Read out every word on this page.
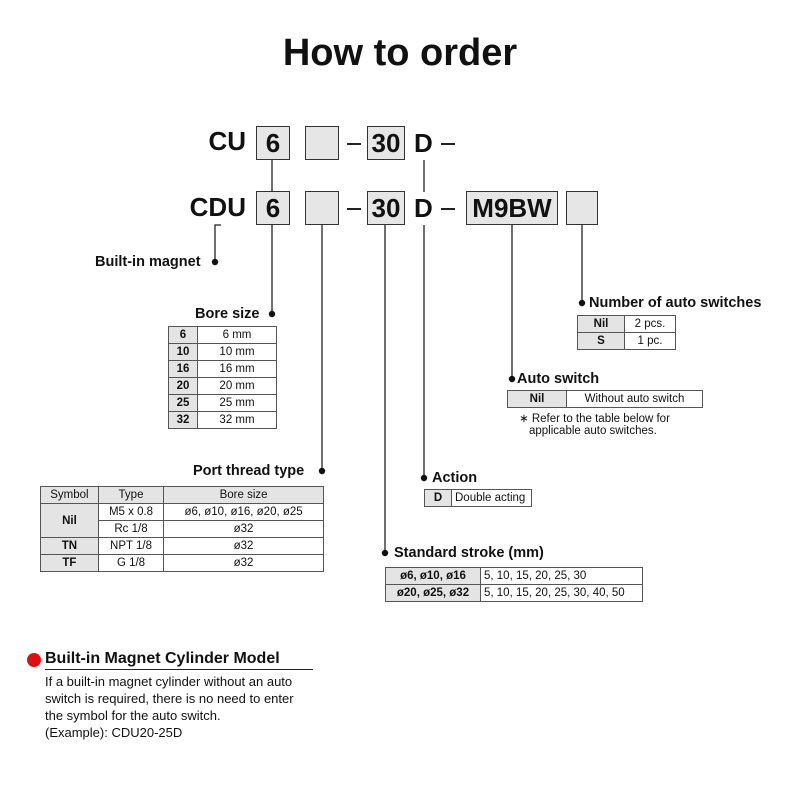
How to order
CU 6	30 D
CDU 6	30 D M9BW
Built-in magnet
Bore size
Port thread type
Number of auto switches
Auto switch
Action
Standard stroke (mm)
6	6 mm
10	10 mm
16	16 mm
20	20 mm
25	25 mm
32	32 mm
Symbol	Type	Bore size
Nil	M5 x 0.8	ø6, ø10, ø16, ø20, ø25
	Rc 1/8	ø32
TN	NPT 1/8	ø32
TF	G 1/8	ø32
Nil	2 pcs.
S	1 pc.
Nil	Without auto switch
∗ Refer to the table below for
applicable auto switches.
D	Double acting
ø6, ø10, ø16	5, 10, 15, 20, 25, 30
ø20, ø25, ø32	5, 10, 15, 20, 25, 30, 40, 50
Built-in Magnet Cylinder Model
If a built-in magnet cylinder without an auto
switch is required, there is no need to enter
the symbol for the auto switch.
(Example): CDU20-25D
